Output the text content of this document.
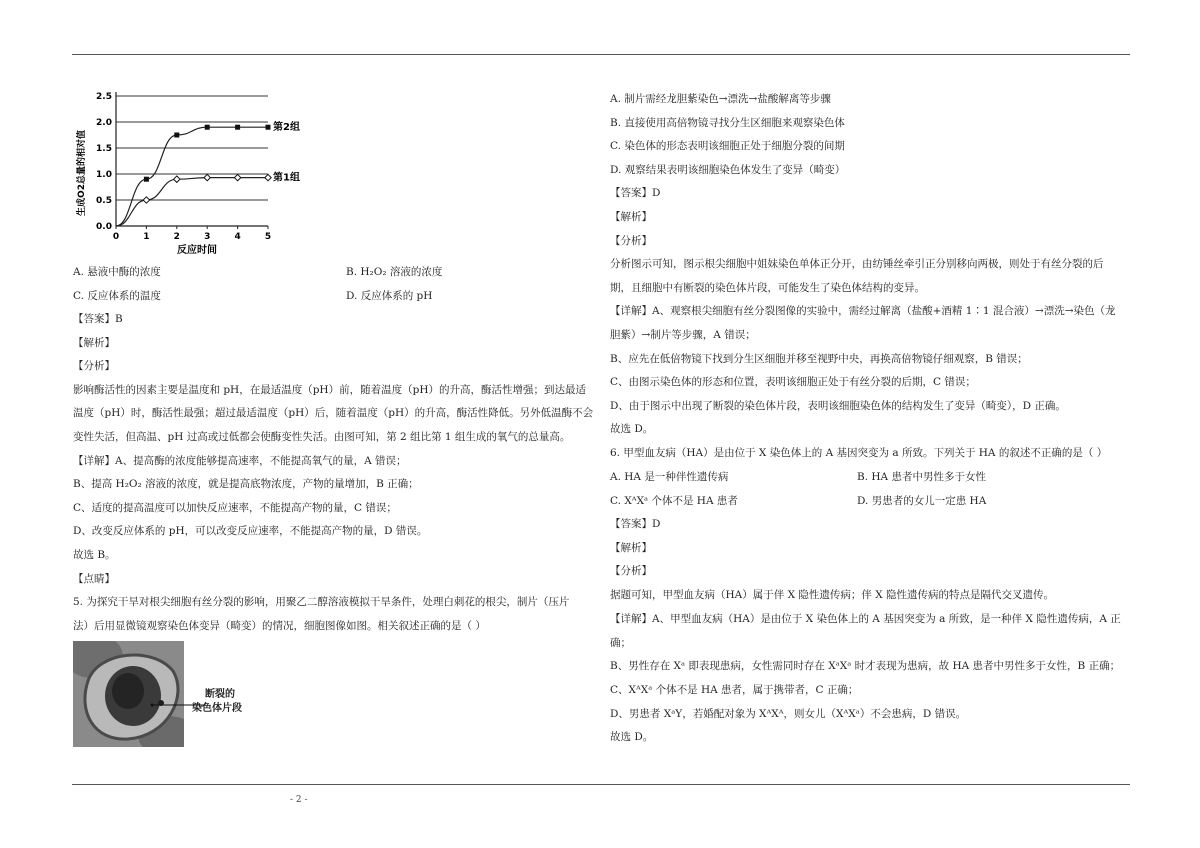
0.0
0.5
1.0
1.5
2.0
2.5
0	1	2	3	4	5
第2组
第1组
反应时间
生成O2总量的相对值
A. 悬液中酶的浓度	B. H₂O₂ 溶液的浓度
C. 反应体系的温度	D. 反应体系的 pH
【答案】B
【解析】
【分析】
影响酶活性的因素主要是温度和 pH，在最适温度（pH）前，随着温度（pH）的升高，酶活性增强；到达最适
温度（pH）时，酶活性最强；超过最适温度（pH）后，随着温度（pH）的升高，酶活性降低。另外低温酶不会
变性失活，但高温、pH 过高或过低都会使酶变性失活。由图可知，第 2 组比第 1 组生成的氧气的总量高。
【详解】A、提高酶的浓度能够提高速率，不能提高氧气的量，A 错误；
B、提高 H₂O₂ 溶液的浓度，就是提高底物浓度，产物的量增加，B 正确；
C、适度的提高温度可以加快反应速率，不能提高产物的量，C 错误；
D、改变反应体系的 pH，可以改变反应速率，不能提高产物的量，D 错误。
故选 B。
【点睛】
5. 为探究干旱对根尖细胞有丝分裂的影响，用聚乙二醇溶液模拟干旱条件，处理白刺花的根尖，制片（压片
法）后用显微镜观察染色体变异（畸变）的情况，细胞图像如图。相关叙述正确的是（ ）
断裂的
染色体片段
A. 制片需经龙胆紫染色→漂洗→盐酸解离等步骤
B. 直接使用高倍物镜寻找分生区细胞来观察染色体
C. 染色体的形态表明该细胞正处于细胞分裂的间期
D. 观察结果表明该细胞染色体发生了变异（畸变）
【答案】D
【解析】
【分析】
分析图示可知，图示根尖细胞中姐妹染色单体正分开，由纺锤丝牵引正分别移向两极，则处于有丝分裂的后
期，且细胞中有断裂的染色体片段，可能发生了染色体结构的变异。
【详解】A、观察根尖细胞有丝分裂图像的实验中，需经过解离（盐酸+酒精 1∶1 混合液）→漂洗→染色（龙
胆紫）→制片等步骤，A 错误；
B、应先在低倍物镜下找到分生区细胞并移至视野中央，再换高倍物镜仔细观察，B 错误；
C、由图示染色体的形态和位置，表明该细胞正处于有丝分裂的后期，C 错误；
D、由于图示中出现了断裂的染色体片段，表明该细胞染色体的结构发生了变异（畸变），D 正确。
故选 D。
6. 甲型血友病（HA）是由位于 X 染色体上的 A 基因突变为 a 所致。下列关于 HA 的叙述不正确的是（ ）
A. HA 是一种伴性遗传病	B. HA 患者中男性多于女性
C. XᴬXᵃ 个体不是 HA 患者	D. 男患者的女儿一定患 HA
【答案】D
【解析】
【分析】
据题可知，甲型血友病（HA）属于伴 X 隐性遗传病；伴 X 隐性遗传病的特点是隔代交叉遗传。
【详解】A、甲型血友病（HA）是由位于 X 染色体上的 A 基因突变为 a 所致，是一种伴 X 隐性遗传病，A 正
确；
B、男性存在 Xᵃ 即表现患病，女性需同时存在 XᵃXᵃ 时才表现为患病，故 HA 患者中男性多于女性，B 正确；
C、XᴬXᵃ 个体不是 HA 患者，属于携带者，C 正确；
D、男患者 XᵃY，若婚配对象为 XᴬXᴬ，则女儿（XᴬXᵃ）不会患病，D 错误。
故选 D。
- 2 -
